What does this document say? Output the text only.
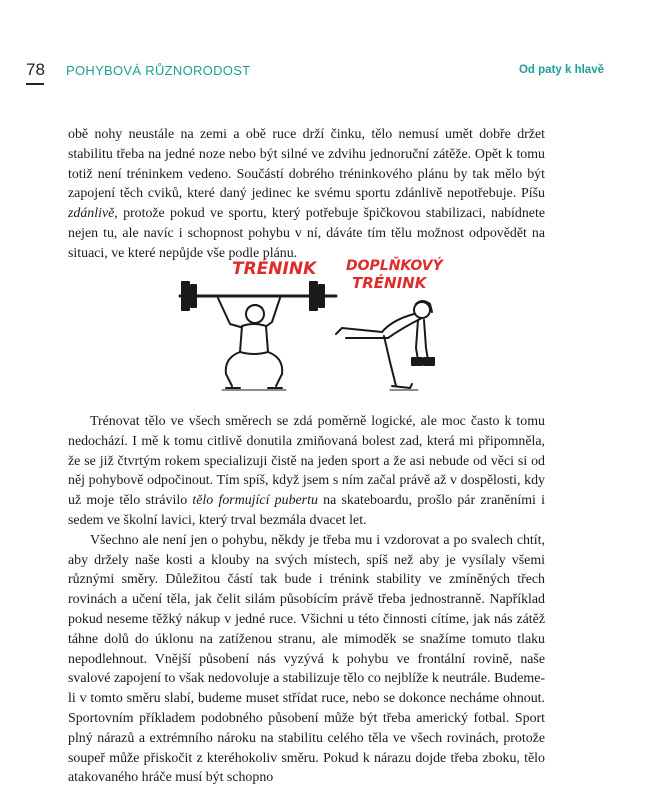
78 POHYBOVÁ RŮZNORODOST	Od paty k hlavě

obě nohy neustále na zemi a obě ruce drží činku, tělo nemusí umět dobře držet stabilitu třeba na jedné noze nebo být silné ve zdvihu jednoruční zátěže. Opět k tomu totiž není tréninkem vedeno. Součástí dobrého tréninkového plánu by tak mělo být zapojení těch cviků, které daný jedinec ke svému sportu zdánlivě nepotřebuje. Píšu zdánlivě, protože pokud ve sportu, který potřebuje špičkovou stabilizaci, nabídnete nejen tu, ale navíc i schopnost pohybu v ní, dáváte tím tělu možnost odpovědět na situaci, ve které nepůjde vše podle plánu.

TRÉNINK DOPLŇKOVÝ
TRÉNINK

Trénovat tělo ve všech směrech se zdá poměrně logické, ale moc často k tomu nedochází. I mě k tomu citlivě donutila zmiňovaná bolest zad, která mi připomněla, že se již čtvrtým rokem specializuji čistě na jeden sport a že asi nebude od věci si od něj pohybově odpočinout. Tím spíš, když jsem s ním začal právě až v dospělosti, kdy už moje tělo strávilo tělo formující pubertu na skateboardu, prošlo pár zraněními i sedem ve školní lavici, který trval bezmála dvacet let.

Všechno ale není jen o pohybu, někdy je třeba mu i vzdorovat a po svalech chtít, aby držely naše kosti a klouby na svých místech, spíš než aby je vysílaly všemi různými směry. Důležitou částí tak bude i trénink stability ve zmíněných třech rovinách a učení těla, jak čelit silám působícím právě třeba jednostranně. Například pokud neseme těžký nákup v jedné ruce. Všichni u této činnosti cítíme, jak nás zátěž táhne dolů do úklonu na zatíženou stranu, ale mimoděk se snažíme tomuto tlaku nepodlehnout. Vnější působení nás vyzývá k pohybu ve frontální rovině, naše svalové zapojení to však nedovoluje a stabilizuje tělo co nejblíže k neutrále. Budeme-li v tomto směru slabí, budeme muset střídat ruce, nebo se dokonce necháme ohnout. Sportovním příkladem podobného působení může být třeba americký fotbal. Sport plný nárazů a extrémního nároku na stabilitu celého těla ve všech rovinách, protože soupeř může přiskočit z kteréhokoliv směru. Pokud k nárazu dojde třeba zboku, tělo atakovaného hráče musí být schopno
